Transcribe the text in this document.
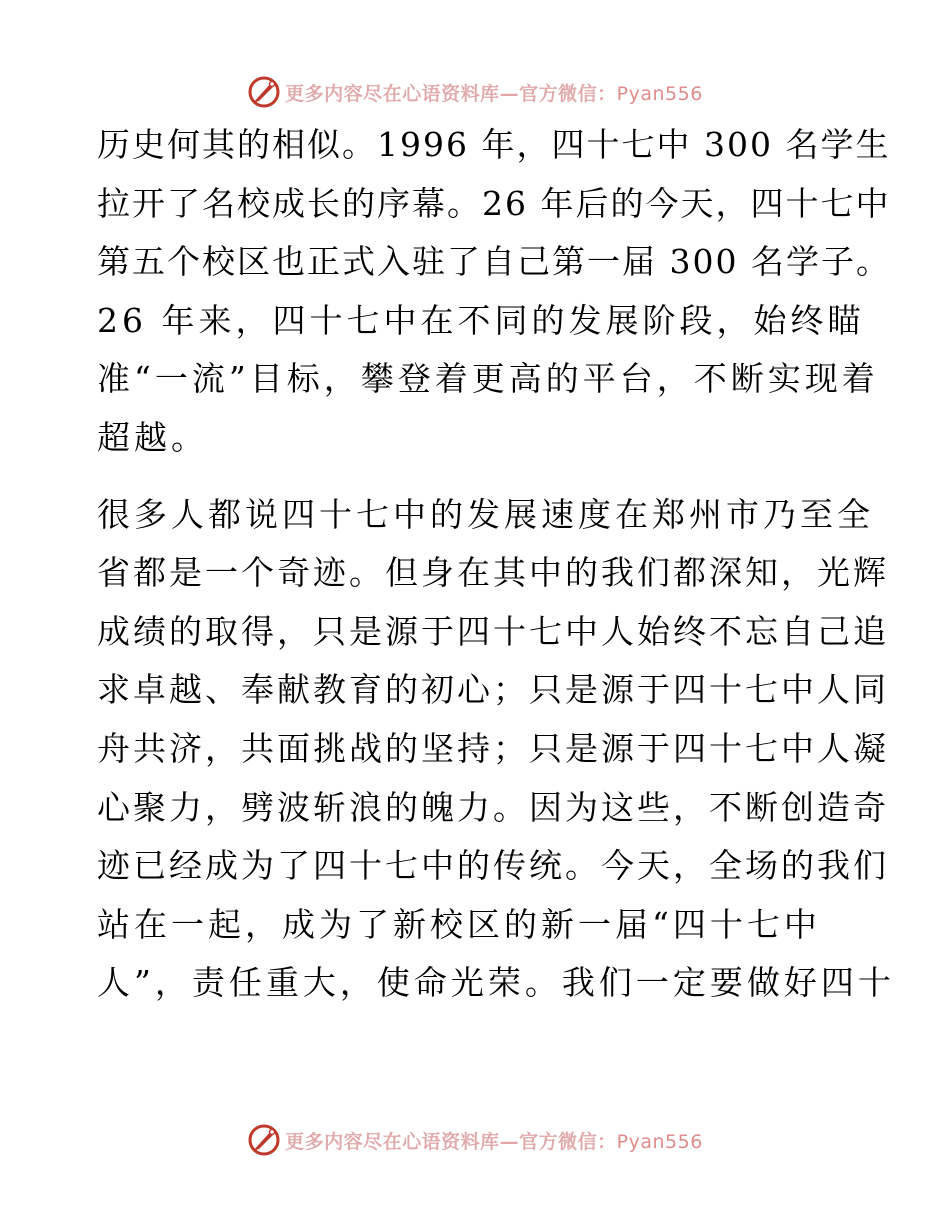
更多内容尽在心语资料库—官方微信：Pyan556

历史何其的相似。1996 年，四十七中 300 名学生
拉开了名校成长的序幕。26 年后的今天，四十七中
第五个校区也正式入驻了自己第一届 300 名学子。
26 年来，四十七中在不同的发展阶段，始终瞄
准“一流”目标，攀登着更高的平台，不断实现着
超越。

很多人都说四十七中的发展速度在郑州市乃至全
省都是一个奇迹。但身在其中的我们都深知，光辉
成绩的取得，只是源于四十七中人始终不忘自己追
求卓越、奉献教育的初心；只是源于四十七中人同
舟共济，共面挑战的坚持；只是源于四十七中人凝
心聚力，劈波斩浪的魄力。因为这些，不断创造奇
迹已经成为了四十七中的传统。今天，全场的我们
站在一起，成为了新校区的新一届“四十七中
人”，责任重大，使命光荣。我们一定要做好四十

更多内容尽在心语资料库—官方微信：Pyan556
